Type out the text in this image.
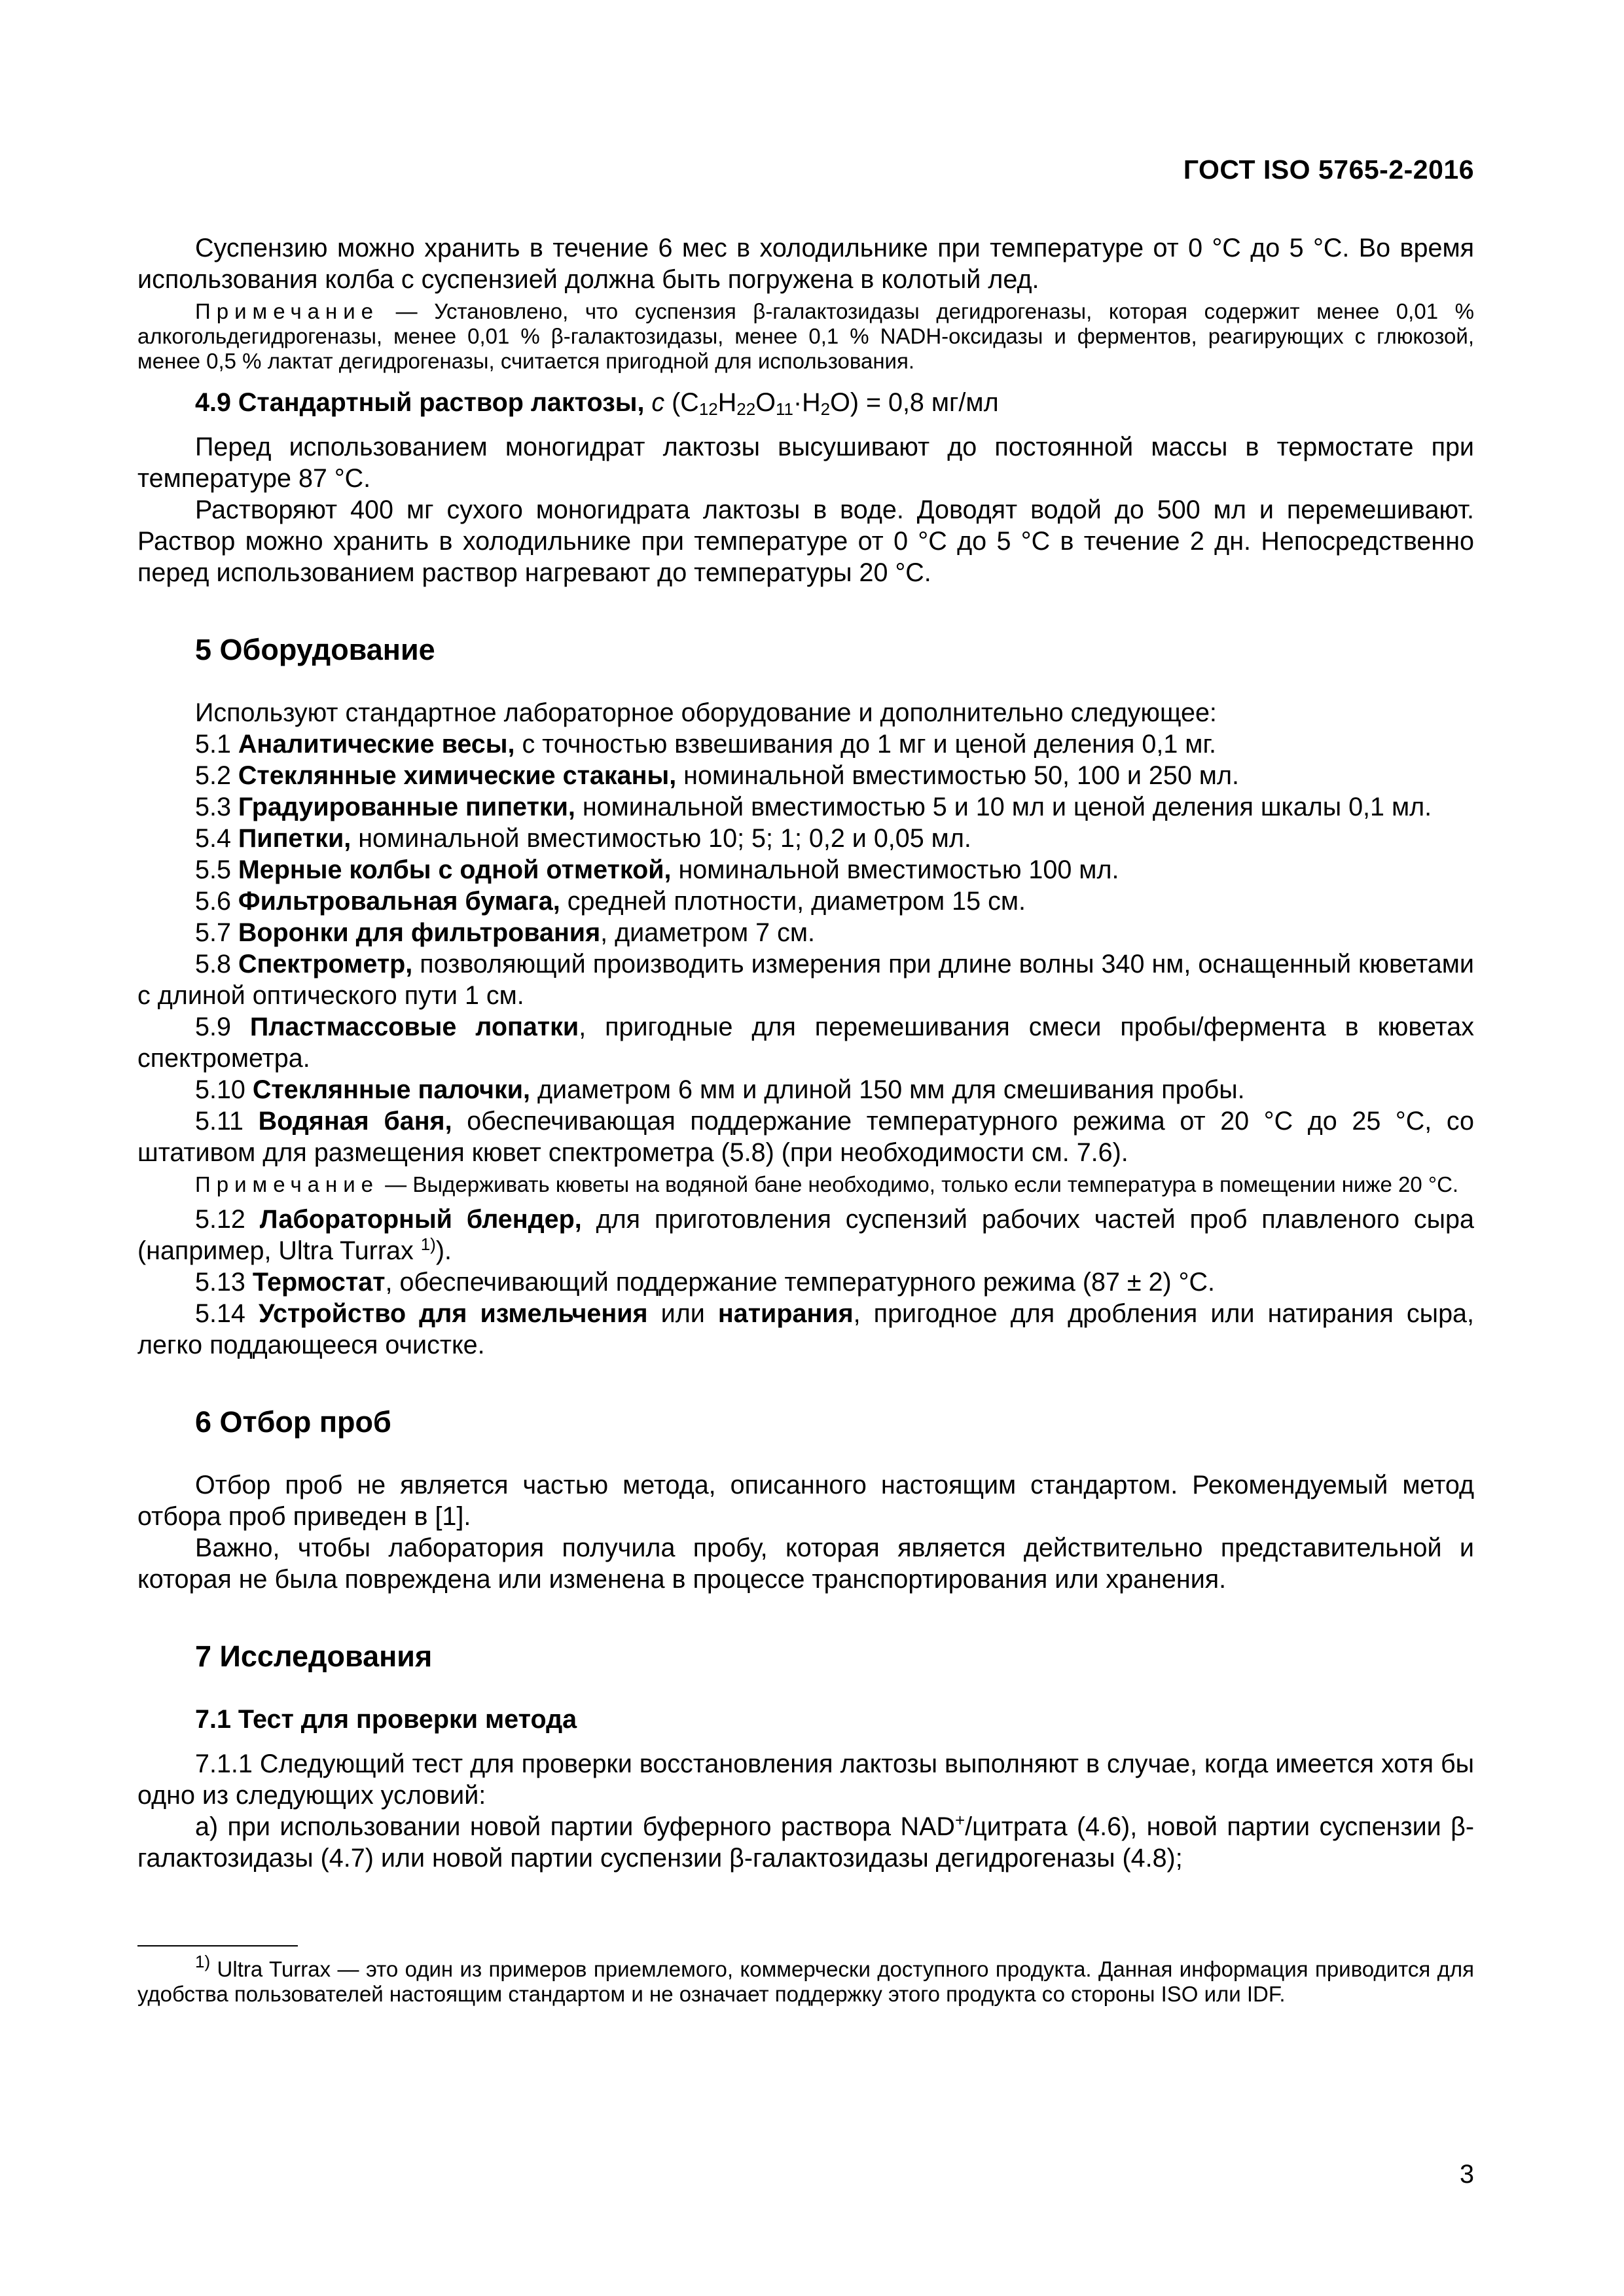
ГОСТ ISO 5765-2-2016

Суспензию можно хранить в течение 6 мес в холодильнике при температуре от 0 °С до 5 °С. Во время использования колба с суспензией должна быть погружена в колотый лед.

Примечание — Установлено, что суспензия β-галактозидазы дегидрогеназы, которая содержит менее 0,01 % алкогольдегидрогеназы, менее 0,01 % β-галактозидазы, менее 0,1 % NADH-оксидазы и ферментов, реагирующих с глюкозой, менее 0,5 % лактат дегидрогеназы, считается пригодной для использования.

4.9 Стандартный раствор лактозы, c $(C_{12}H_{22}O_{11}\cdot H_2O) = 0,8$ мг/мл

Перед использованием моногидрат лактозы высушивают до постоянной массы в термостате при температуре 87 °С.

Растворяют 400 мг сухого моногидрата лактозы в воде. Доводят водой до 500 мл и перемешивают. Раствор можно хранить в холодильнике при температуре от 0 °С до 5 °С в течение 2 дн. Непосредственно перед использованием раствор нагревают до температуры 20 °С.

5 Оборудование

Используют стандартное лабораторное оборудование и дополнительно следующее:

5.1 Аналитические весы, с точностью взвешивания до 1 мг и ценой деления 0,1 мг.

5.2 Стеклянные химические стаканы, номинальной вместимостью 50, 100 и 250 мл.

5.3 Градуированные пипетки, номинальной вместимостью 5 и 10 мл и ценой деления шкалы 0,1 мл.

5.4 Пипетки, номинальной вместимостью 10; 5; 1; 0,2 и 0,05 мл.

5.5 Мерные колбы с одной отметкой, номинальной вместимостью 100 мл.

5.6 Фильтровальная бумага, средней плотности, диаметром 15 см.

5.7 Воронки для фильтрования, диаметром 7 см.

5.8 Спектрометр, позволяющий производить измерения при длине волны 340 нм, оснащенный кюветами с длиной оптического пути 1 см.

5.9 Пластмассовые лопатки, пригодные для перемешивания смеси пробы/фермента в кюветах спектрометра.

5.10 Стеклянные палочки, диаметром 6 мм и длиной 150 мм для смешивания пробы.

5.11 Водяная баня, обеспечивающая поддержание температурного режима от 20 °С до 25 °С, со штативом для размещения кювет спектрометра (5.8) (при необходимости см. 7.6).

Примечание — Выдерживать кюветы на водяной бане необходимо, только если температура в помещении ниже 20 °С.

5.12 Лабораторный блендер, для приготовления суспензий рабочих частей проб плавленого сыра (например, Ultra Turrax $^{1)}$).

5.13 Термостат, обеспечивающий поддержание температурного режима (87 ± 2) °С.

5.14 Устройство для измельчения или натирания, пригодное для дробления или натирания сыра, легко поддающееся очистке.

6 Отбор проб

Отбор проб не является частью метода, описанного настоящим стандартом. Рекомендуемый метод отбора проб приведен в [1].

Важно, чтобы лаборатория получила пробу, которая является действительно представительной и которая не была повреждена или изменена в процессе транспортирования или хранения.

7 Исследования
7.1 Тест для проверки метода

7.1.1 Следующий тест для проверки восстановления лактозы выполняют в случае, когда имеется хотя бы одно из следующих условий:

а) при использовании новой партии буферного раствора NAD+/цитрата (4.6), новой партии суспензии β-галактозидазы (4.7) или новой партии суспензии β-галактозидазы дегидрогеназы (4.8);

$^{1)}$ Ultra Turrax — это один из примеров приемлемого, коммерчески доступного продукта. Данная информация приводится для удобства пользователей настоящим стандартом и не означает поддержку этого продукта со стороны ISO или IDF.

3
